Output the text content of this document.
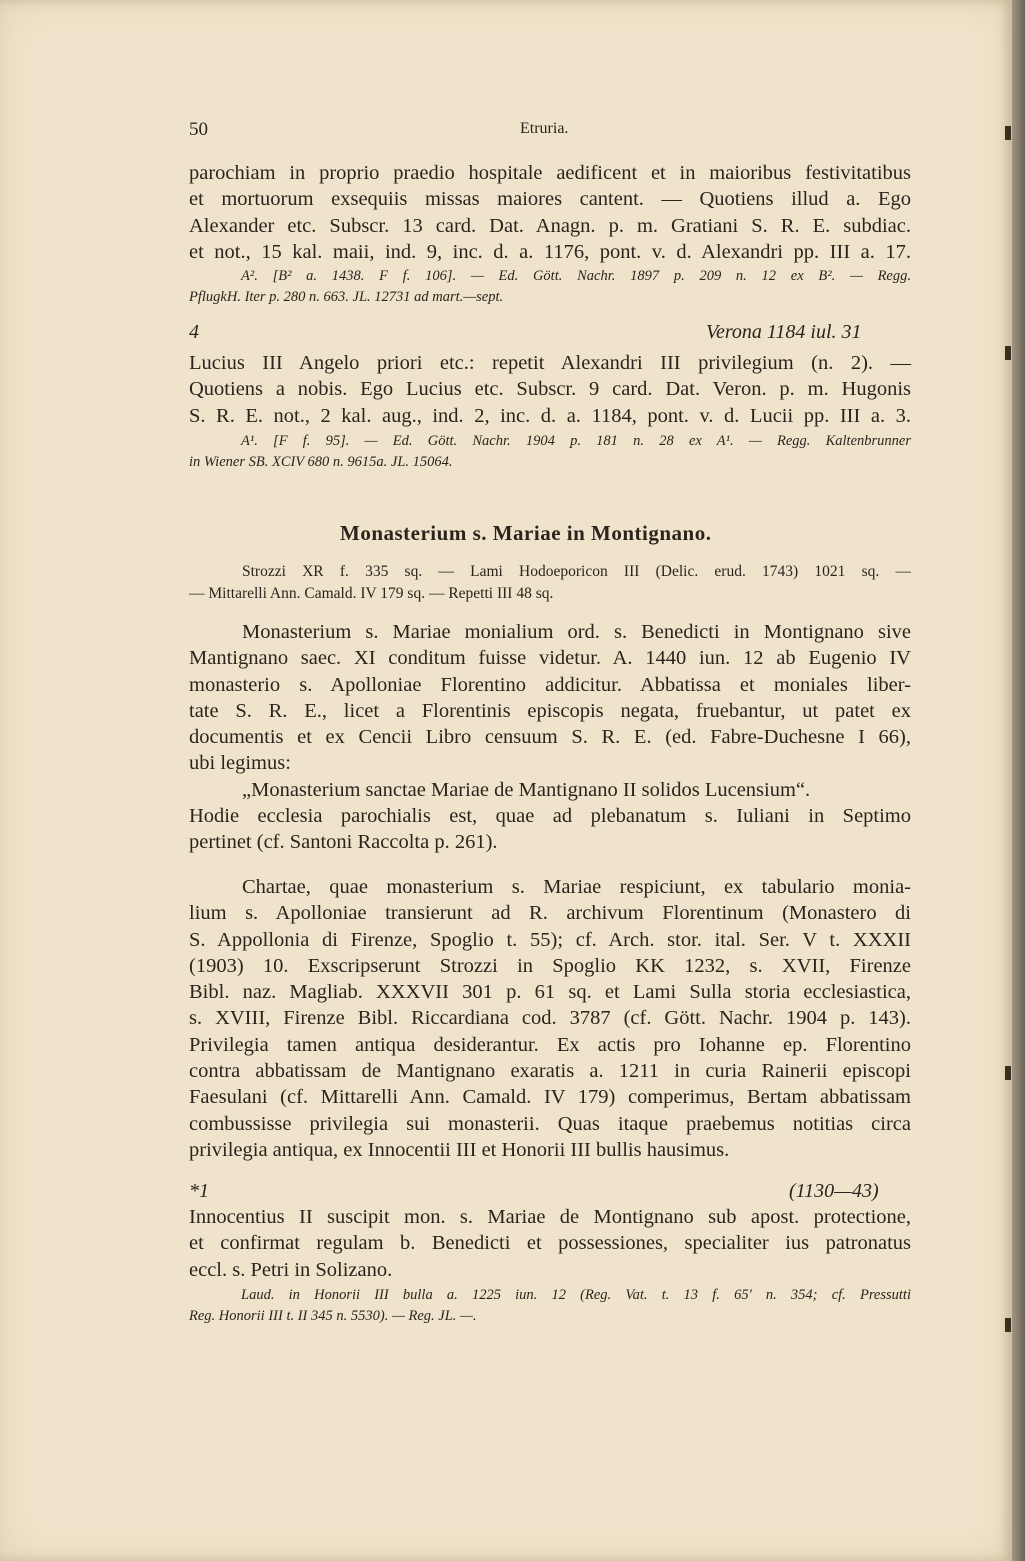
50	Etruria.
parochiam in proprio praedio hospitale aedificent et in maioribus festivitatibus
et mortuorum exsequiis missas maiores cantent. — Quotiens illud a. Ego
Alexander etc. Subscr. 13 card. Dat. Anagn. p. m. Gratiani S. R. E. subdiac.
et not., 15 kal. maii, ind. 9, inc. d. a. 1176, pont. v. d. Alexandri pp. III a. 17.
A². [B² a. 1438. F f. 106]. — Ed. Gött. Nachr. 1897 p. 209 n. 12 ex B². — Regg.
PflugkH. Iter p. 280 n. 663. JL. 12731 ad mart.—sept.
4	Verona 1184 iul. 31
Lucius III Angelo priori etc.: repetit Alexandri III privilegium (n. 2). —
Quotiens a nobis. Ego Lucius etc. Subscr. 9 card. Dat. Veron. p. m. Hugonis
S. R. E. not., 2 kal. aug., ind. 2, inc. d. a. 1184, pont. v. d. Lucii pp. III a. 3.
A¹. [F f. 95]. — Ed. Gött. Nachr. 1904 p. 181 n. 28 ex A¹. — Regg. Kaltenbrunner
in Wiener SB. XCIV 680 n. 9615a. JL. 15064.
Monasterium s. Mariae in Montignano.
Strozzi XR f. 335 sq. — Lami Hodoeporicon III (Delic. erud. 1743) 1021 sq. —
— Mittarelli Ann. Camald. IV 179 sq. — Repetti III 48 sq.
Monasterium s. Mariae monialium ord. s. Benedicti in Montignano sive
Mantignano saec. XI conditum fuisse videtur. A. 1440 iun. 12 ab Eugenio IV
monasterio s. Apolloniae Florentino addicitur. Abbatissa et moniales liber-
tate S. R. E., licet a Florentinis episcopis negata, fruebantur, ut patet ex
documentis et ex Cencii Libro censuum S. R. E. (ed. Fabre-Duchesne I 66),
ubi legimus:
„Monasterium sanctae Mariae de Mantignano II solidos Lucensium“.
Hodie ecclesia parochialis est, quae ad plebanatum s. Iuliani in Septimo
pertinet (cf. Santoni Raccolta p. 261).
Chartae, quae monasterium s. Mariae respiciunt, ex tabulario monia-
lium s. Apolloniae transierunt ad R. archivum Florentinum (Monastero di
S. Appollonia di Firenze, Spoglio t. 55); cf. Arch. stor. ital. Ser. V t. XXXII
(1903) 10. Exscripserunt Strozzi in Spoglio KK 1232, s. XVII, Firenze
Bibl. naz. Magliab. XXXVII 301 p. 61 sq. et Lami Sulla storia ecclesiastica,
s. XVIII, Firenze Bibl. Riccardiana cod. 3787 (cf. Gött. Nachr. 1904 p. 143).
Privilegia tamen antiqua desiderantur. Ex actis pro Iohanne ep. Florentino
contra abbatissam de Mantignano exaratis a. 1211 in curia Rainerii episcopi
Faesulani (cf. Mittarelli Ann. Camald. IV 179) comperimus, Bertam abbatissam
combussisse privilegia sui monasterii. Quas itaque praebemus notitias circa
privilegia antiqua, ex Innocentii III et Honorii III bullis hausimus.
*1	(1130—43)
Innocentius II suscipit mon. s. Mariae de Montignano sub apost. protectione,
et confirmat regulam b. Benedicti et possessiones, specialiter ius patronatus
eccl. s. Petri in Solizano.
Laud. in Honorii III bulla a. 1225 iun. 12 (Reg. Vat. t. 13 f. 65' n. 354; cf. Pressutti
Reg. Honorii III t. II 345 n. 5530). — Reg. JL. —.
